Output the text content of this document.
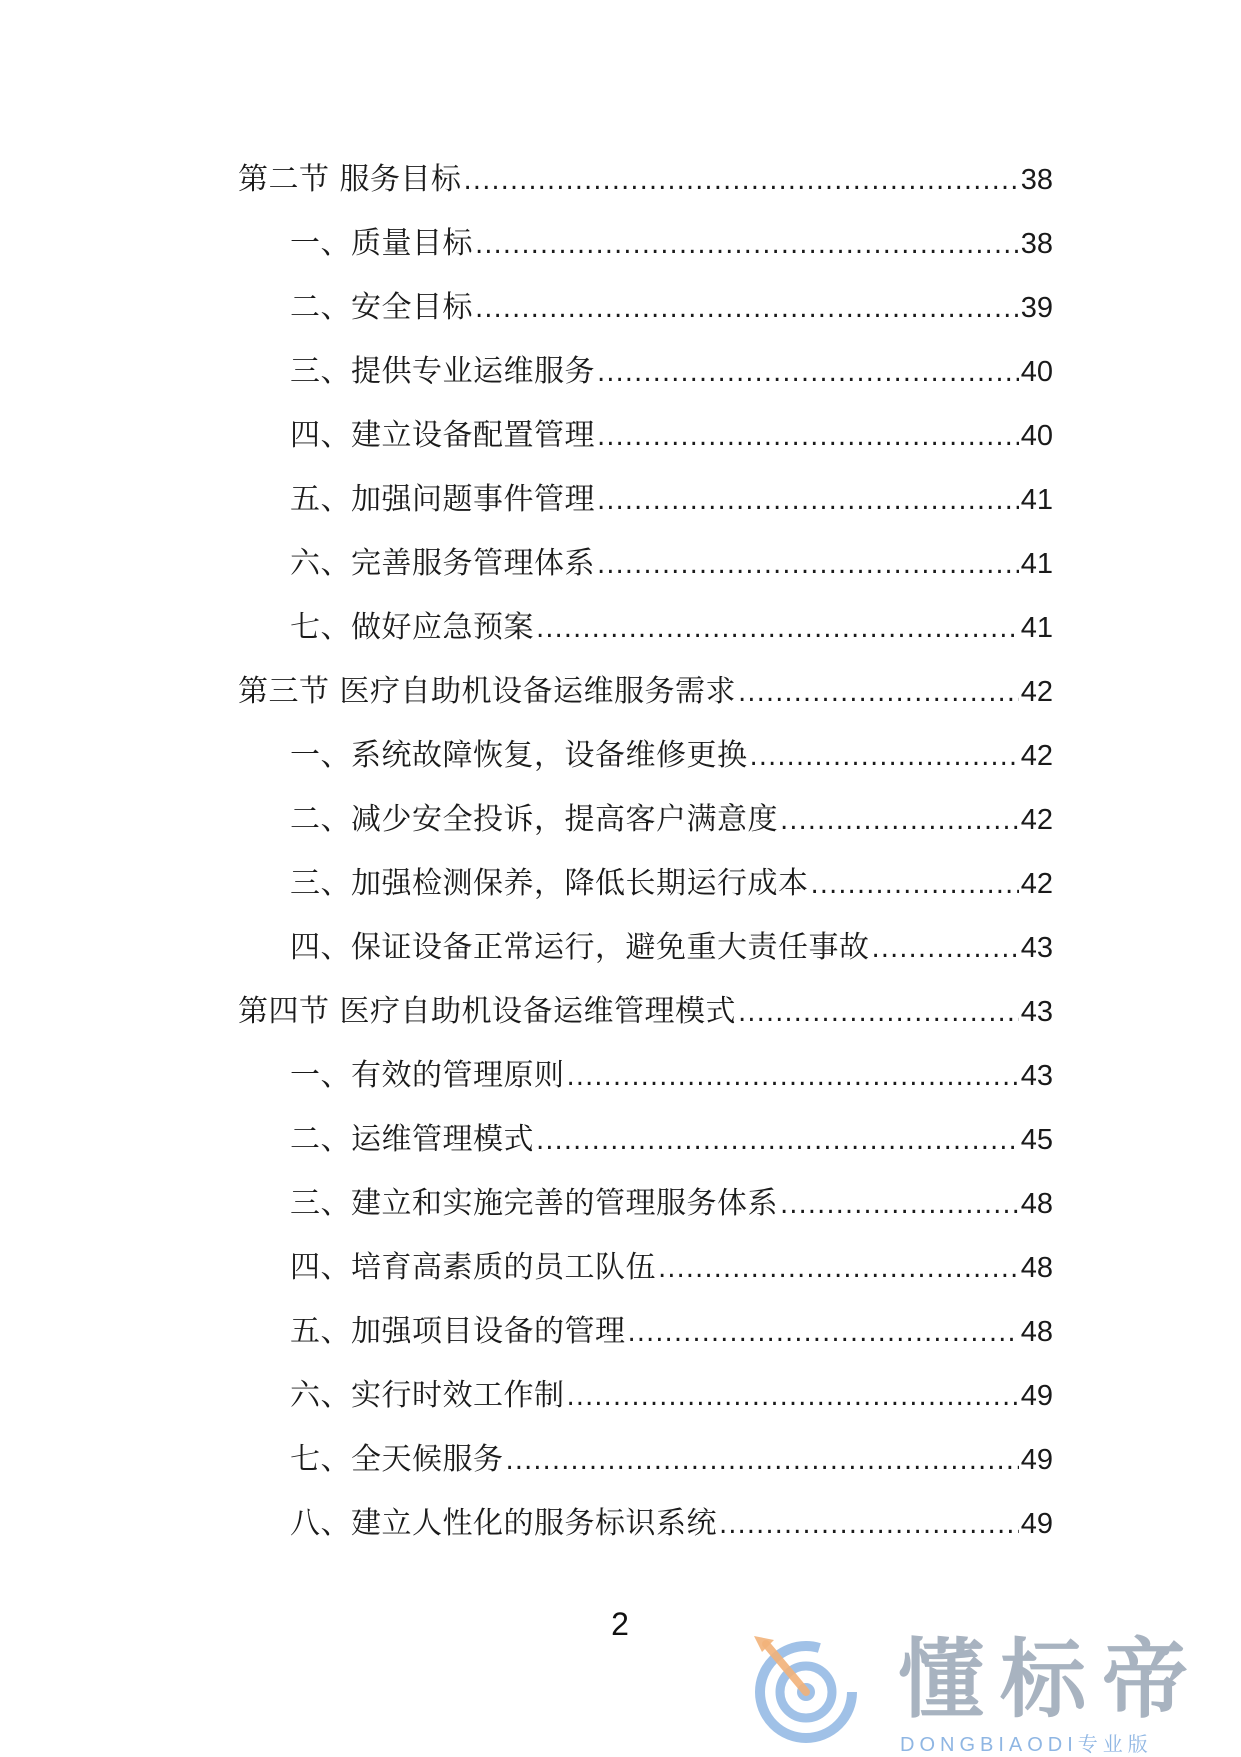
第二节 服务目标 .....	38
一、质量目标 .....	38
二、安全目标 .....	39
三、提供专业运维服务 .....	40
四、建立设备配置管理 .....	40
五、加强问题事件管理 .....	41
六、完善服务管理体系 .....	41
七、做好应急预案 .....	41
第三节 医疗自助机设备运维服务需求 .....	42
一、系统故障恢复，设备维修更换 .....	42
二、减少安全投诉，提高客户满意度 .....	42
三、加强检测保养，降低长期运行成本 .....	42
四、保证设备正常运行，避免重大责任事故 .....	43
第四节 医疗自助机设备运维管理模式 .....	43
一、有效的管理原则 .....	43
二、运维管理模式 .....	45
三、建立和实施完善的管理服务体系 .....	48
四、培育高素质的员工队伍 .....	48
五、加强项目设备的管理 .....	48
六、实行时效工作制 .....	49
七、全天候服务 .....	49
八、建立人性化的服务标识系统 .....	49
2
懂标帝
DONGBIAODI专业版
